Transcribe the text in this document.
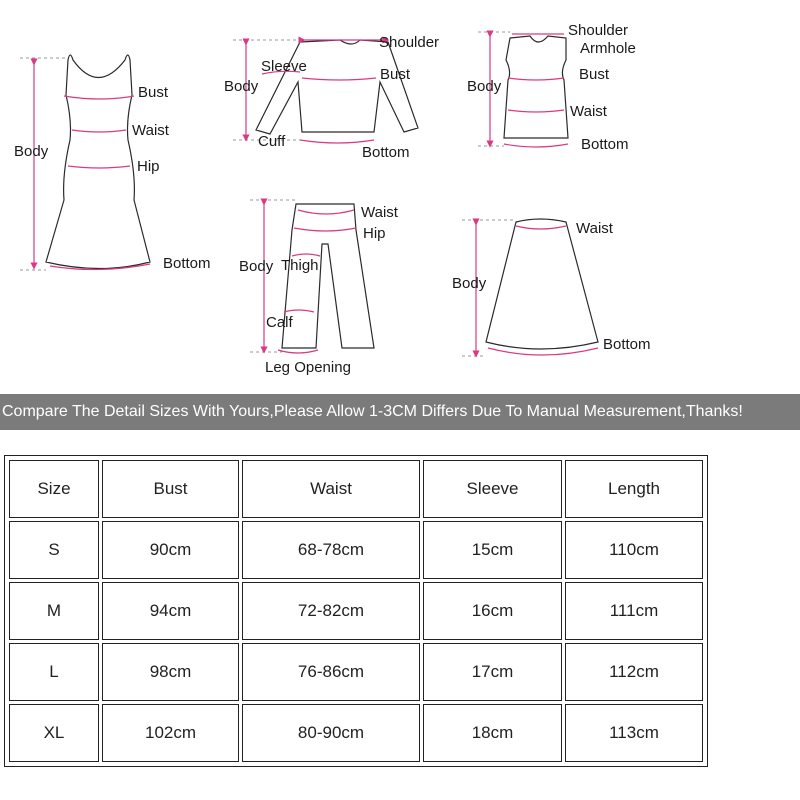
Bust
Waist
Hip
Body
Bottom
Shoulder
Sleeve	Bust
Body
Cuff
Bottom
Shoulder
Armhole
Bust
Body
Waist
Bottom
Waist
Hip
Body Thigh
Calf
Leg Opening
Waist
Body
Bottom
Compare The Detail Sizes With Yours,Please Allow 1-3CM Differs Due To Manual Measurement,Thanks!
Size	Bust	Waist	Sleeve	Length
S	90cm	68-78cm	15cm	110cm
M	94cm	72-82cm	16cm	111cm
L	98cm	76-86cm	17cm	112cm
XL	102cm	80-90cm	18cm	113cm
